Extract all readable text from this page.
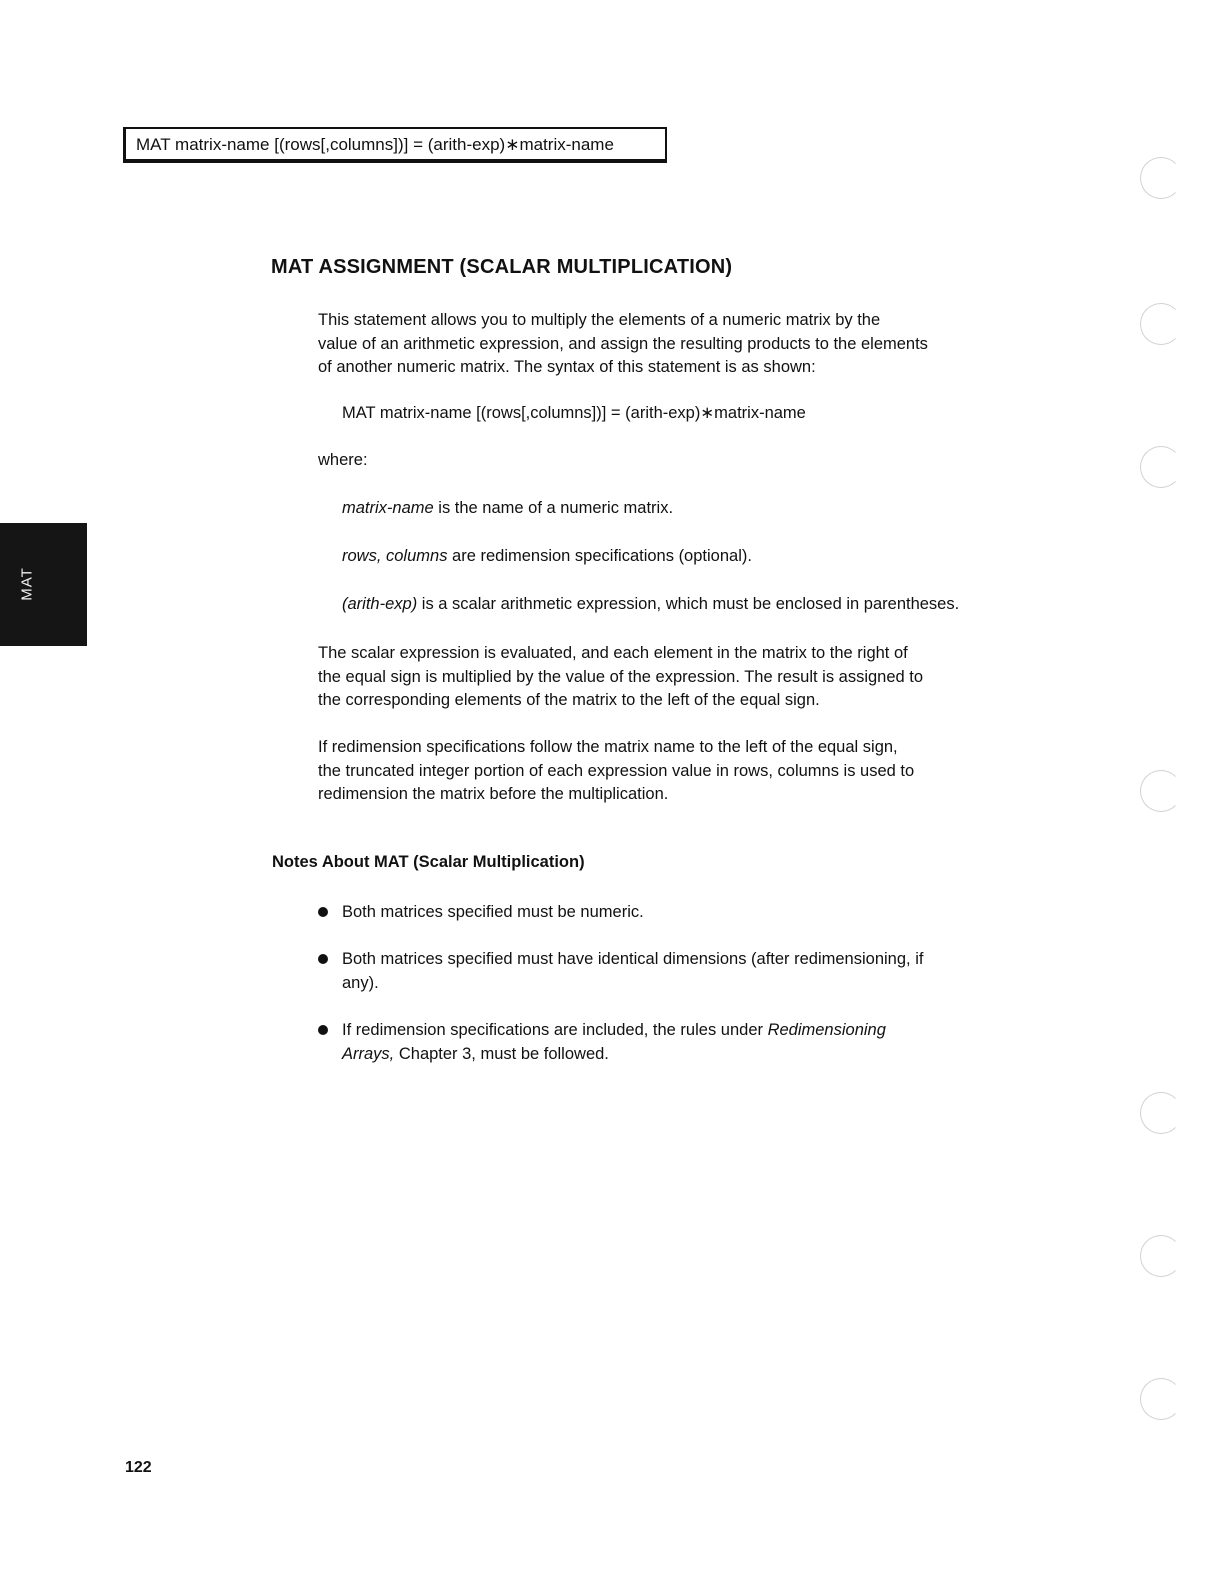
MAT matrix-name [(rows[,columns])] = (arith-exp)∗matrix-name
MAT ASSIGNMENT (SCALAR MULTIPLICATION)

This statement allows you to multiply the elements of a numeric matrix by the
value of an arithmetic expression, and assign the resulting products to the elements
of another numeric matrix. The syntax of this statement is as shown:

MAT matrix-name [(rows[,columns])] = (arith-exp)∗matrix-name
where:
matrix-name is the name of a numeric matrix.
rows, columns are redimension specifications (optional).
(arith-exp) is a scalar arithmetic expression, which must be enclosed in parentheses.

The scalar expression is evaluated, and each element in the matrix to the right of
the equal sign is multiplied by the value of the expression. The result is assigned to
the corresponding elements of the matrix to the left of the equal sign.

If redimension specifications follow the matrix name to the left of the equal sign,
the truncated integer portion of each expression value in rows, columns is used to
redimension the matrix before the multiplication.

Notes About MAT (Scalar Multiplication)
Both matrices specified must be numeric.
Both matrices specified must have identical dimensions (after redimensioning, if any).
If redimension specifications are included, the rules under Redimensioning Arrays, Chapter 3, must be followed.
MAT
122
